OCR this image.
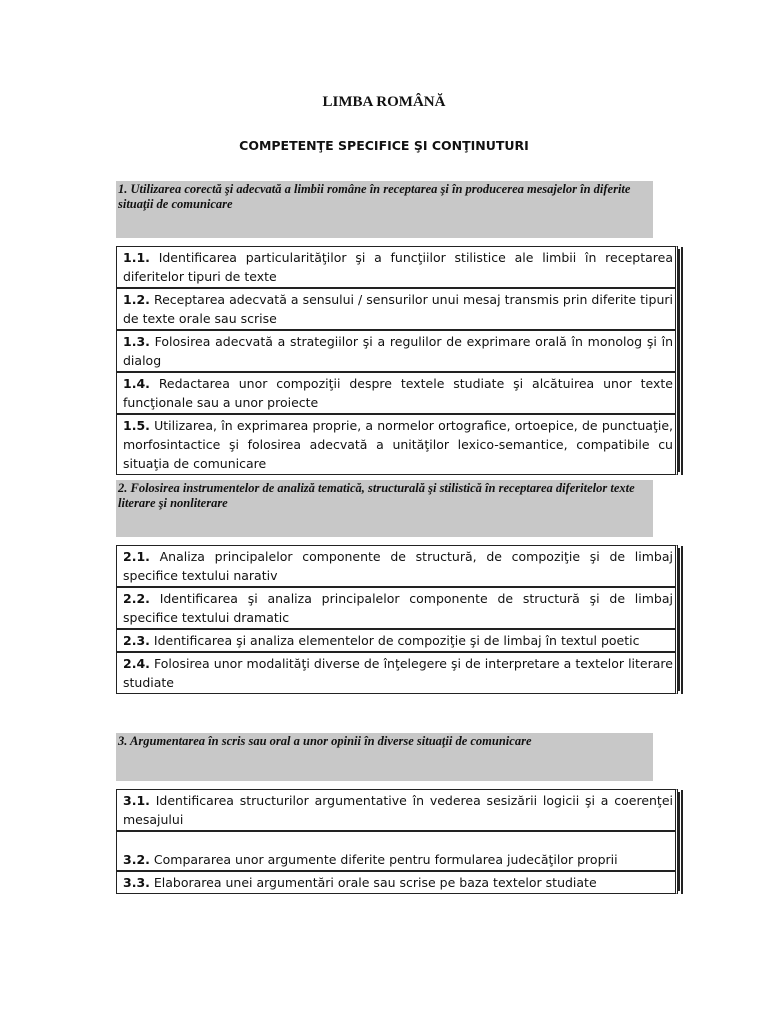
LIMBA ROMÂNĂ
COMPETENŢE SPECIFICE ŞI CONŢINUTURI
1. Utilizarea corectă şi adecvată a limbii române în receptarea şi în producerea mesajelor în diferite situaţii de comunicare
1.1. Identificarea particularităţilor şi a funcţiilor stilistice ale limbii în receptarea diferitelor tipuri de texte
1.2. Receptarea adecvată a sensului / sensurilor unui mesaj transmis prin diferite tipuri de texte orale sau scrise
1.3. Folosirea adecvată a strategiilor şi a regulilor de exprimare orală în monolog şi în dialog
1.4. Redactarea unor compoziţii despre textele studiate şi alcătuirea unor texte funcţionale sau a unor proiecte
1.5. Utilizarea, în exprimarea proprie, a normelor ortografice, ortoepice, de punctuaţie, morfosintactice şi folosirea adecvată a unităţilor lexico-semantice, compatibile cu situaţia de comunicare
2. Folosirea instrumentelor de analiză tematică, structurală şi stilistică în receptarea diferitelor texte literare şi nonliterare
2.1. Analiza principalelor componente de structură, de compoziţie şi de limbaj specifice textului narativ
2.2. Identificarea şi analiza principalelor componente de structură şi de limbaj specifice textului dramatic
2.3. Identificarea şi analiza elementelor de compoziţie şi de limbaj în textul poetic
2.4. Folosirea unor modalităţi diverse de înţelegere şi de interpretare a textelor literare studiate
3. Argumentarea în scris sau oral a unor opinii în diverse situaţii de comunicare
3.1. Identificarea structurilor argumentative în vederea sesizării logicii şi a coerenţei mesajului
3.2. Compararea unor argumente diferite pentru formularea judecăţilor proprii
3.3. Elaborarea unei argumentări orale sau scrise pe baza textelor studiate
